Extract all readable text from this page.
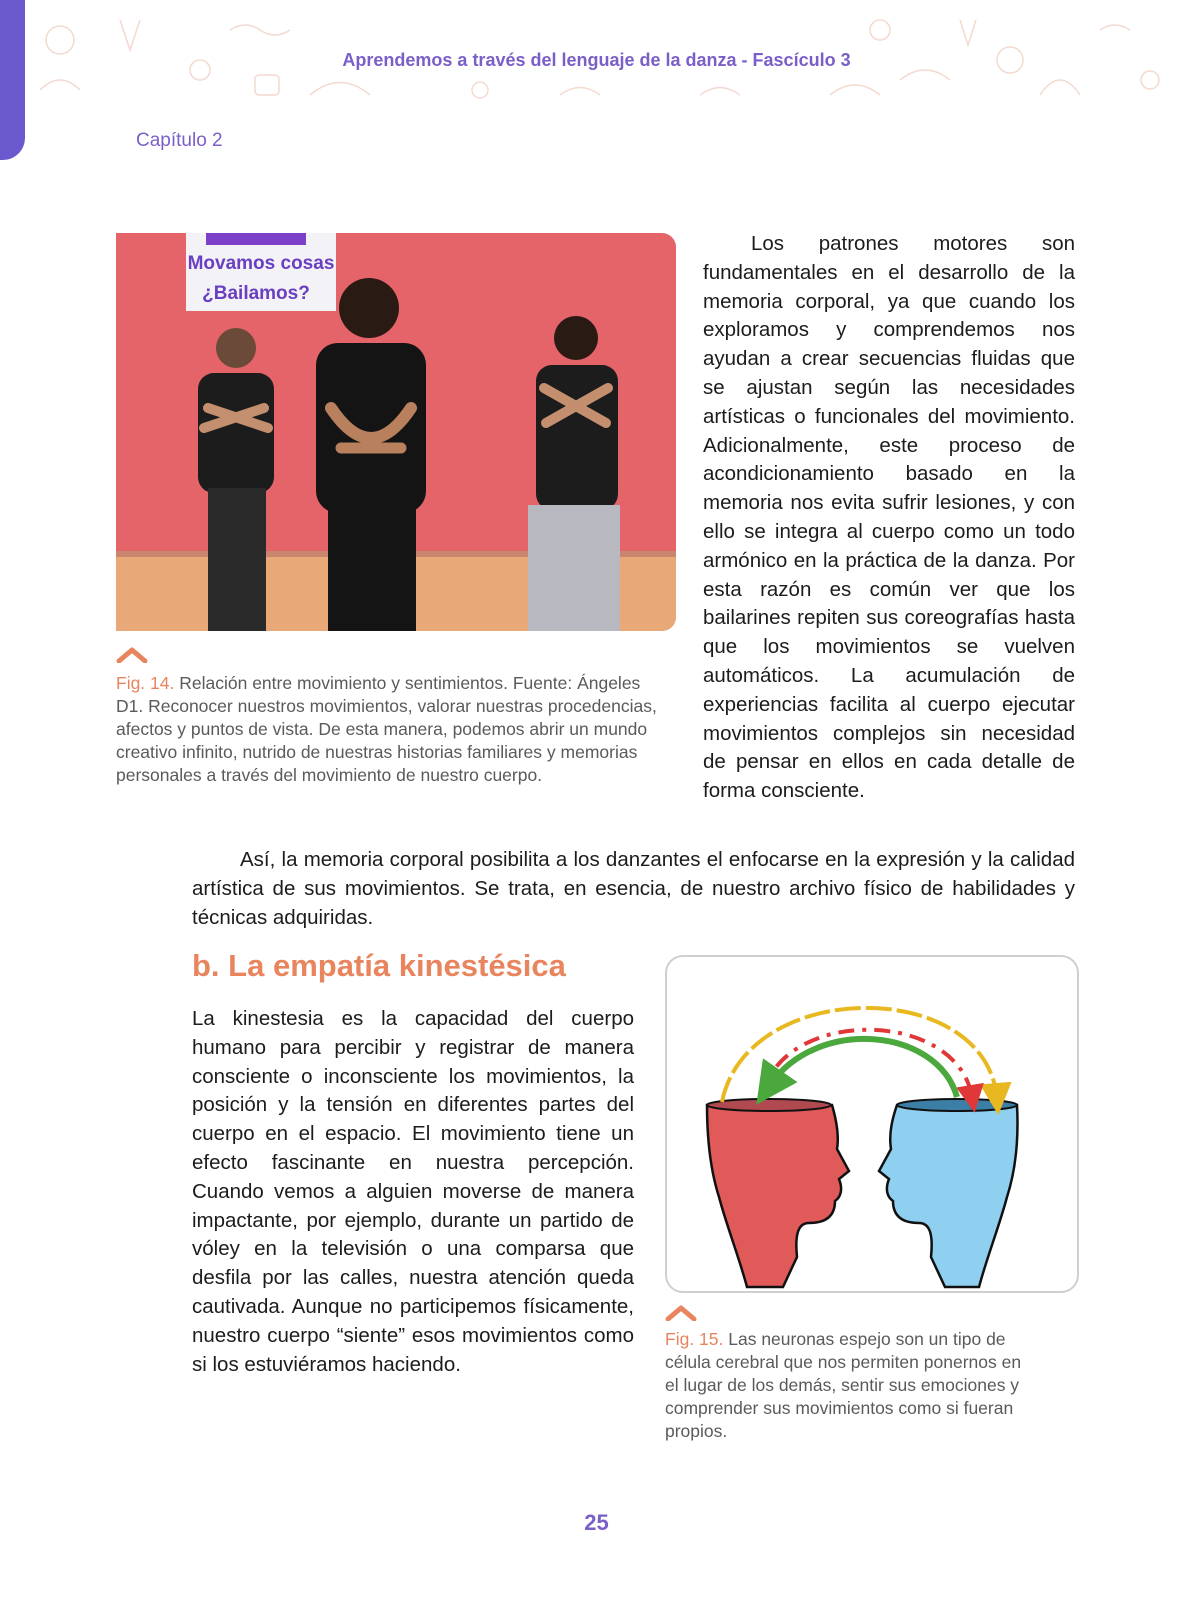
Aprendemos a través del lenguaje de la danza - Fascículo 3
Capítulo 2
Movamos cosas
¿Bailamos?
Fig. 14. Relación entre movimiento y sentimientos. Fuente: Ángeles D1. Reconocer nuestros movimientos, valorar nuestras procedencias, afectos y puntos de vista. De esta manera, podemos abrir un mundo creativo infinito, nutrido de nuestras historias familiares y memorias personales a través del movimiento de nuestro cuerpo.
Los patrones motores son fundamentales en el desarrollo de la memoria corporal, ya que cuando los exploramos y comprendemos nos ayudan a crear secuencias fluidas que se ajustan según las necesidades artísticas o funcionales del movimiento. Adicionalmente, este proceso de acondicionamiento basado en la memoria nos evita sufrir lesiones, y con ello se integra al cuerpo como un todo armónico en la práctica de la danza. Por esta razón es común ver que los bailarines repiten sus coreografías hasta que los movimientos se vuelven automáticos. La acumulación de experiencias facilita al cuerpo ejecutar movimientos complejos sin necesidad de pensar en ellos en cada detalle de forma consciente.
Así, la memoria corporal posibilita a los danzantes el enfocarse en la expresión y la calidad artística de sus movimientos. Se trata, en esencia, de nuestro archivo físico de habilidades y técnicas adquiridas.
b. La empatía kinestésica
La kinestesia es la capacidad del cuerpo humano para percibir y registrar de manera consciente o inconsciente los movimientos, la posición y la tensión en diferentes partes del cuerpo en el espacio. El movimiento tiene un efecto fascinante en nuestra percepción. Cuando vemos a alguien moverse de manera impactante, por ejemplo, durante un partido de vóley en la televisión o una comparsa que desfila por las calles, nuestra atención queda cautivada. Aunque no participemos físicamente, nuestro cuerpo “siente” esos movimientos como si los estuviéramos haciendo.
Fig. 15. Las neuronas espejo son un tipo de célula cerebral que nos permiten ponernos en el lugar de los demás, sentir sus emociones y comprender sus movimientos como si fueran propios.
25
